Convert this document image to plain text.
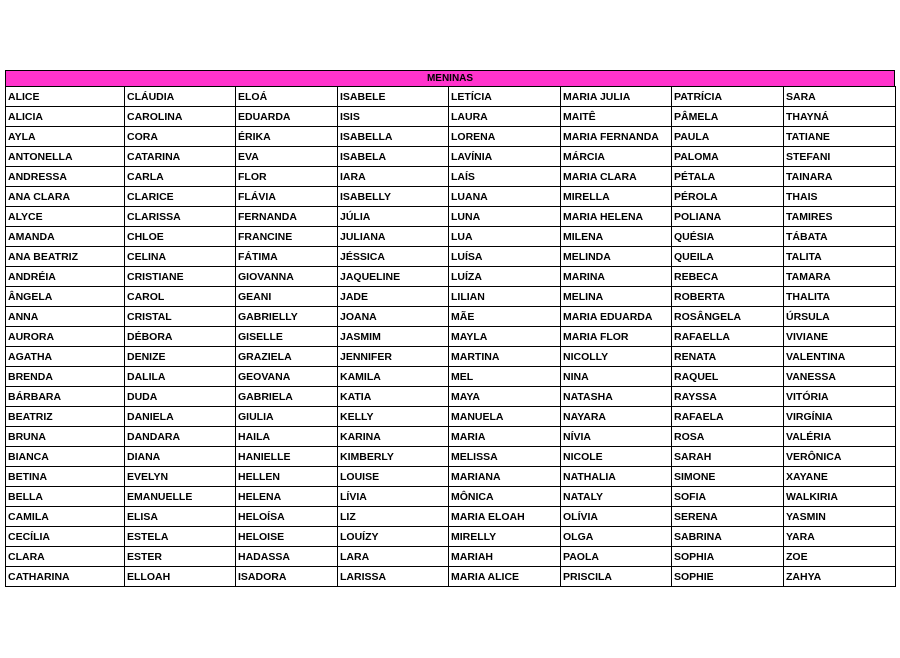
MENINAS
ALICE	CLÁUDIA	ELOÁ	ISABELE	LETÍCIA	MARIA JULIA	PATRÍCIA	SARA
ALICIA	CAROLINA	EDUARDA	ISIS	LAURA	MAITÊ	PÂMELA	THAYNÁ
AYLA	CORA	ÉRIKA	ISABELLA	LORENA	MARIA FERNANDA	PAULA	TATIANE
ANTONELLA	CATARINA	EVA	ISABELA	LAVÍNIA	MÁRCIA	PALOMA	STEFANI
ANDRESSA	CARLA	FLOR	IARA	LAÍS	MARIA CLARA	PÉTALA	TAINARA
ANA CLARA	CLARICE	FLÁVIA	ISABELLY	LUANA	MIRELLA	PÉROLA	THAIS
ALYCE	CLARISSA	FERNANDA	JÚLIA	LUNA	MARIA HELENA	POLIANA	TAMIRES
AMANDA	CHLOE	FRANCINE	JULIANA	LUA	MILENA	QUÉSIA	TÁBATA
ANA BEATRIZ	CELINA	FÁTIMA	JÉSSICA	LUÍSA	MELINDA	QUEILA	TALITA
ANDRÉIA	CRISTIANE	GIOVANNA	JAQUELINE	LUÍZA	MARINA	REBECA	TAMARA
ÂNGELA	CAROL	GEANI	JADE	LILIAN	MELINA	ROBERTA	THALITA
ANNA	CRISTAL	GABRIELLY	JOANA	MÃE	MARIA EDUARDA	ROSÂNGELA	ÚRSULA
AURORA	DÉBORA	GISELLE	JASMIM	MAYLA	MARIA FLOR	RAFAELLA	VIVIANE
AGATHA	DENIZE	GRAZIELA	JENNIFER	MARTINA	NICOLLY	RENATA	VALENTINA
BRENDA	DALILA	GEOVANA	KAMILA	MEL	NINA	RAQUEL	VANESSA
BÁRBARA	DUDA	GABRIELA	KATIA	MAYA	NATASHA	RAYSSA	VITÓRIA
BEATRIZ	DANIELA	GIULIA	KELLY	MANUELA	NAYARA	RAFAELA	VIRGÍNIA
BRUNA	DANDARA	HAILA	KARINA	MARIA	NÍVIA	ROSA	VALÉRIA
BIANCA	DIANA	HANIELLE	KIMBERLY	MELISSA	NICOLE	SARAH	VERÔNICA
BETINA	EVELYN	HELLEN	LOUISE	MARIANA	NATHALIA	SIMONE	XAYANE
BELLA	EMANUELLE	HELENA	LÍVIA	MÔNICA	NATALY	SOFIA	WALKIRIA
CAMILA	ELISA	HELOÍSA	LIZ	MARIA ELOAH	OLÍVIA	SERENA	YASMIN
CECÍLIA	ESTELA	HELOISE	LOUÍZY	MIRELLY	OLGA	SABRINA	YARA
CLARA	ESTER	HADASSA	LARA	MARIAH	PAOLA	SOPHIA	ZOE
CATHARINA	ELLOAH	ISADORA	LARISSA	MARIA ALICE	PRISCILA	SOPHIE	ZAHYA
